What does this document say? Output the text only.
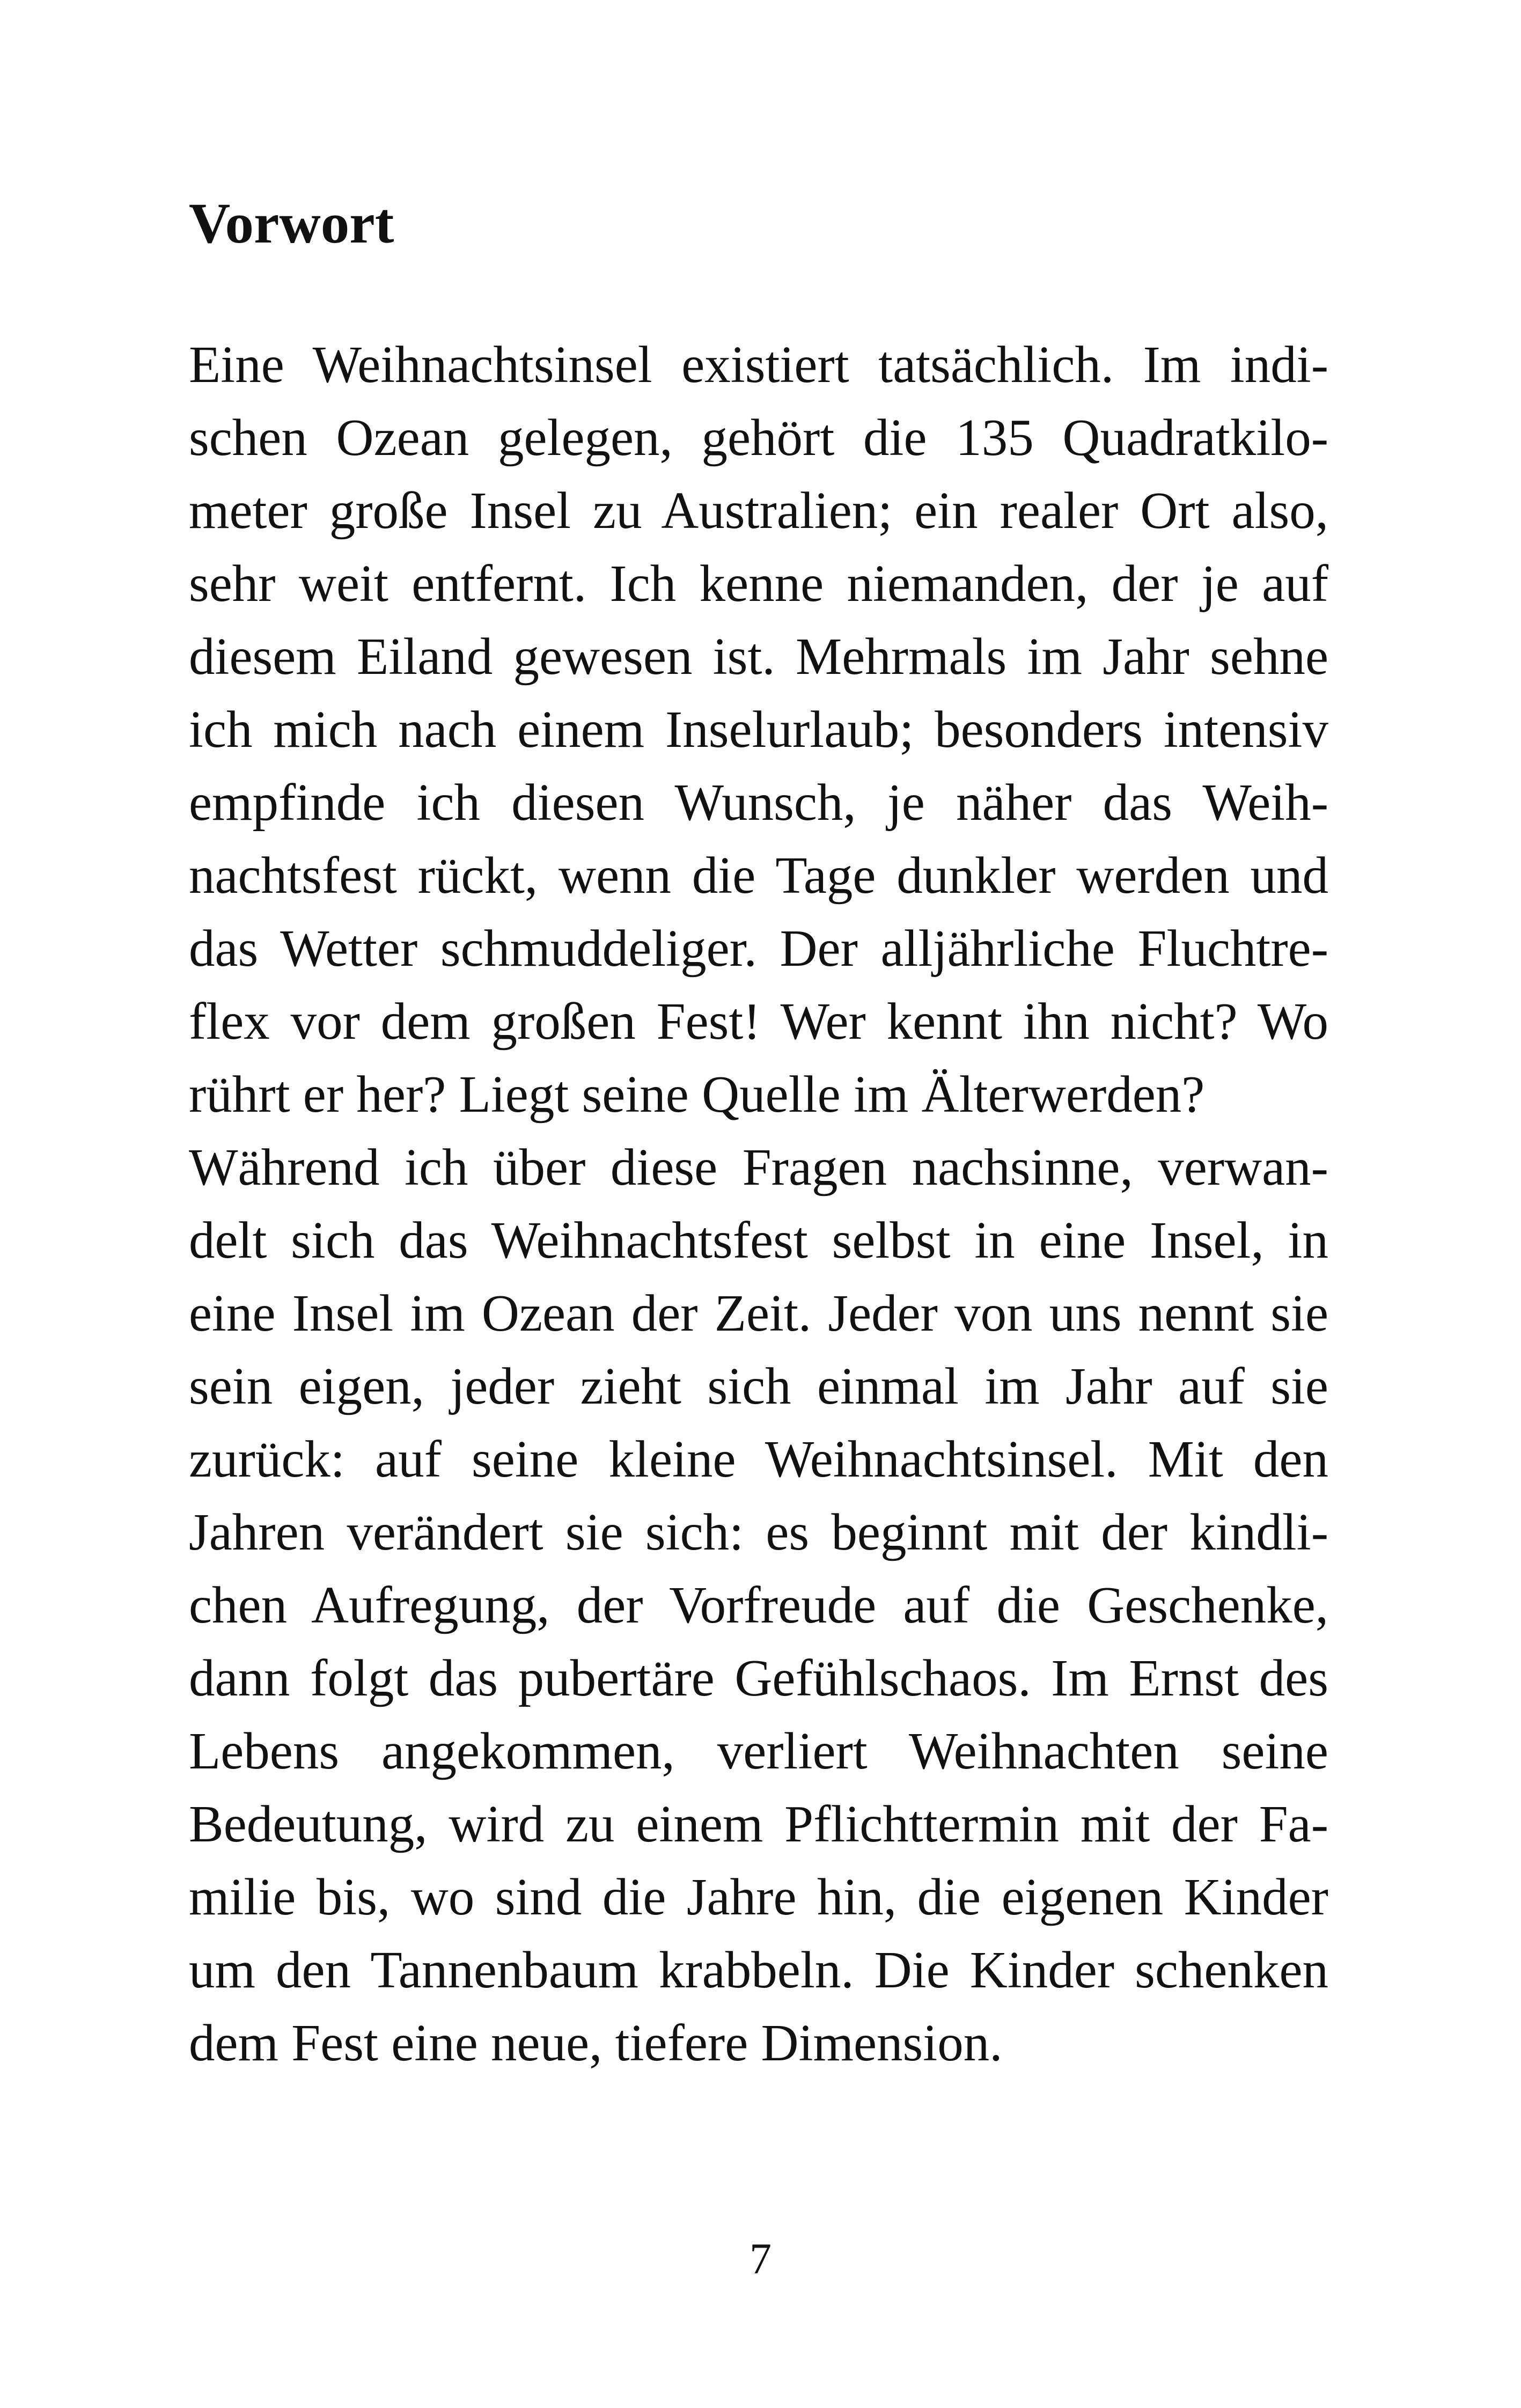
Vorwort
Eine Weihnachtsinsel existiert tatsächlich. Im indi-
schen Ozean gelegen, gehört die 135 Quadratkilo-
meter große Insel zu Australien; ein realer Ort also,
sehr weit entfernt. Ich kenne niemanden, der je auf
diesem Eiland gewesen ist. Mehrmals im Jahr sehne
ich mich nach einem Inselurlaub; besonders intensiv
empfinde ich diesen Wunsch, je näher das Weih-
nachtsfest rückt, wenn die Tage dunkler werden und
das Wetter schmuddeliger. Der alljährliche Fluchtre-
flex vor dem großen Fest! Wer kennt ihn nicht? Wo
rührt er her? Liegt seine Quelle im Älterwerden?
Während ich über diese Fragen nachsinne, verwan-
delt sich das Weihnachtsfest selbst in eine Insel, in
eine Insel im Ozean der Zeit. Jeder von uns nennt sie
sein eigen, jeder zieht sich einmal im Jahr auf sie
zurück: auf seine kleine Weihnachtsinsel. Mit den
Jahren verändert sie sich: es beginnt mit der kindli-
chen Aufregung, der Vorfreude auf die Geschenke,
dann folgt das pubertäre Gefühlschaos. Im Ernst des
Lebens angekommen, verliert Weihnachten seine
Bedeutung, wird zu einem Pflichttermin mit der Fa-
milie bis, wo sind die Jahre hin, die eigenen Kinder
um den Tannenbaum krabbeln. Die Kinder schenken
dem Fest eine neue, tiefere Dimension.
7
